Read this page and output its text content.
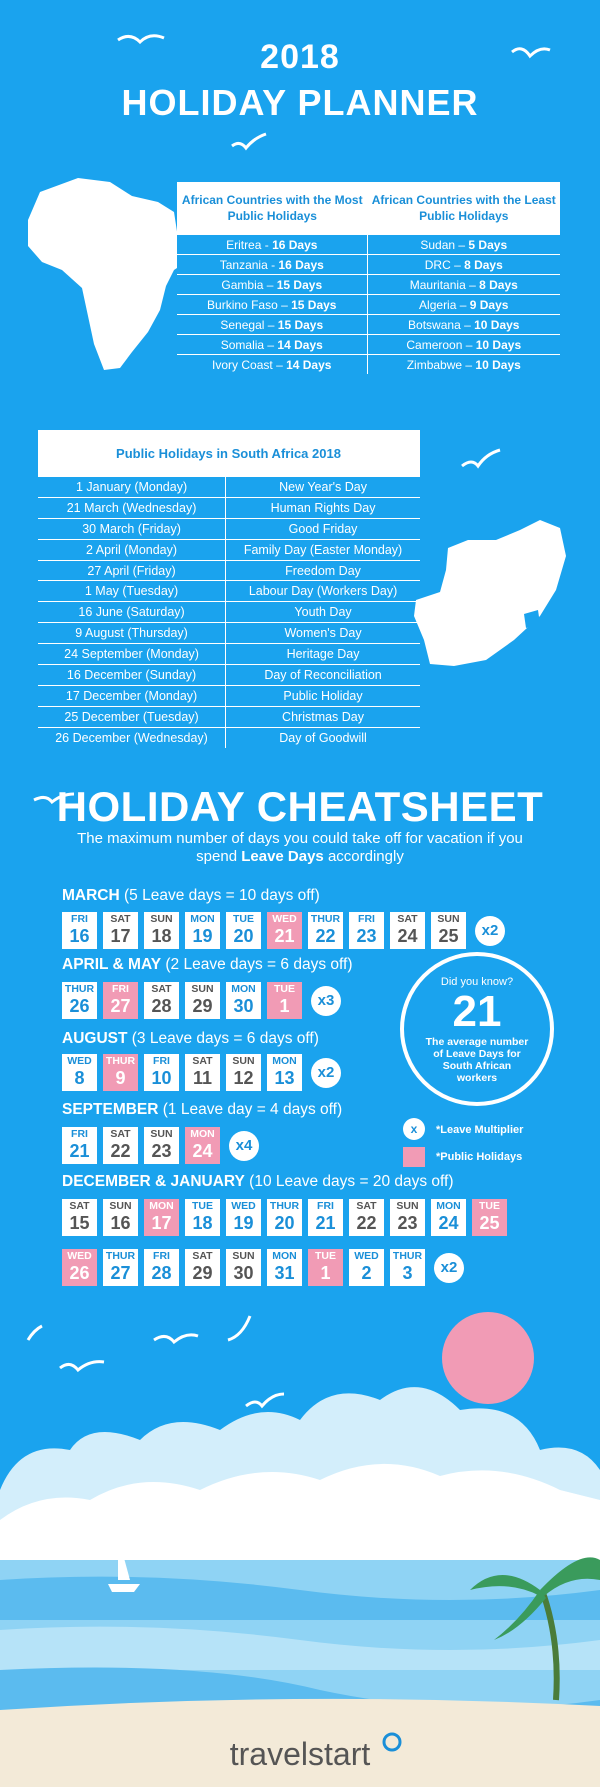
2018
HOLIDAY PLANNER
African Countries with the Most Public Holidays	African Countries with the Least Public Holidays
Eritrea - 16 Days	Sudan – 5 Days
Tanzania - 16 Days	DRC – 8 Days
Gambia – 15 Days	Mauritania – 8 Days
Burkino Faso – 15 Days	Algeria – 9 Days
Senegal – 15 Days	Botswana – 10 Days
Somalia – 14 Days	Cameroon – 10 Days
Ivory Coast – 14 Days	Zimbabwe – 10 Days
Public Holidays in South Africa 2018	
1 January (Monday)	New Year's Day
21 March (Wednesday)	Human Rights Day
30 March (Friday)	Good Friday
2 April (Monday)	Family Day (Easter Monday)
27 April (Friday)	Freedom Day
1 May (Tuesday)	Labour Day (Workers Day)
16 June (Saturday)	Youth Day
9 August (Thursday)	Women's Day
24 September (Monday)	Heritage Day
16 December (Sunday)	Day of Reconciliation
17 December (Monday)	Public Holiday
25 December (Tuesday)	Christmas Day
26 December (Wednesday)	Day of Goodwill
HOLIDAY CHEATSHEET
The maximum number of days you could take off for vacation if you spend Leave Days accordingly
MARCH (5 Leave days = 10 days off)
FRI
16
SAT
17
SUN
18
MON
19
TUE
20
WED
21
THUR
22
FRI
23
SAT
24
SUN
25	x2
APRIL & MAY (2 Leave days = 6 days off)
THUR
26
FRI
27
SAT
28
SUN
29
MON
30
TUE
1	x3
AUGUST (3 Leave days = 6 days off)
WED
8
THUR
9
FRI
10
SAT
11
SUN
12
MON
13	x2
SEPTEMBER (1 Leave day = 4 days off)
FRI
21
SAT
22
SUN
23
MON
24	x4
DECEMBER & JANUARY (10 Leave days = 20 days off)
SAT
15
SUN
16
MON
17
TUE
18
WED
19
THUR
20
FRI
21
SAT
22
SUN
23
MON
24
TUE
25
WED
26
THUR
27
FRI
28
SAT
29
SUN
30
MON
31
TUE
1
WED
2
THUR
3	x2
Did you know?
21
The average number of Leave Days for South African workers
x	*Leave Multiplier
*Public Holidays
travelstart
